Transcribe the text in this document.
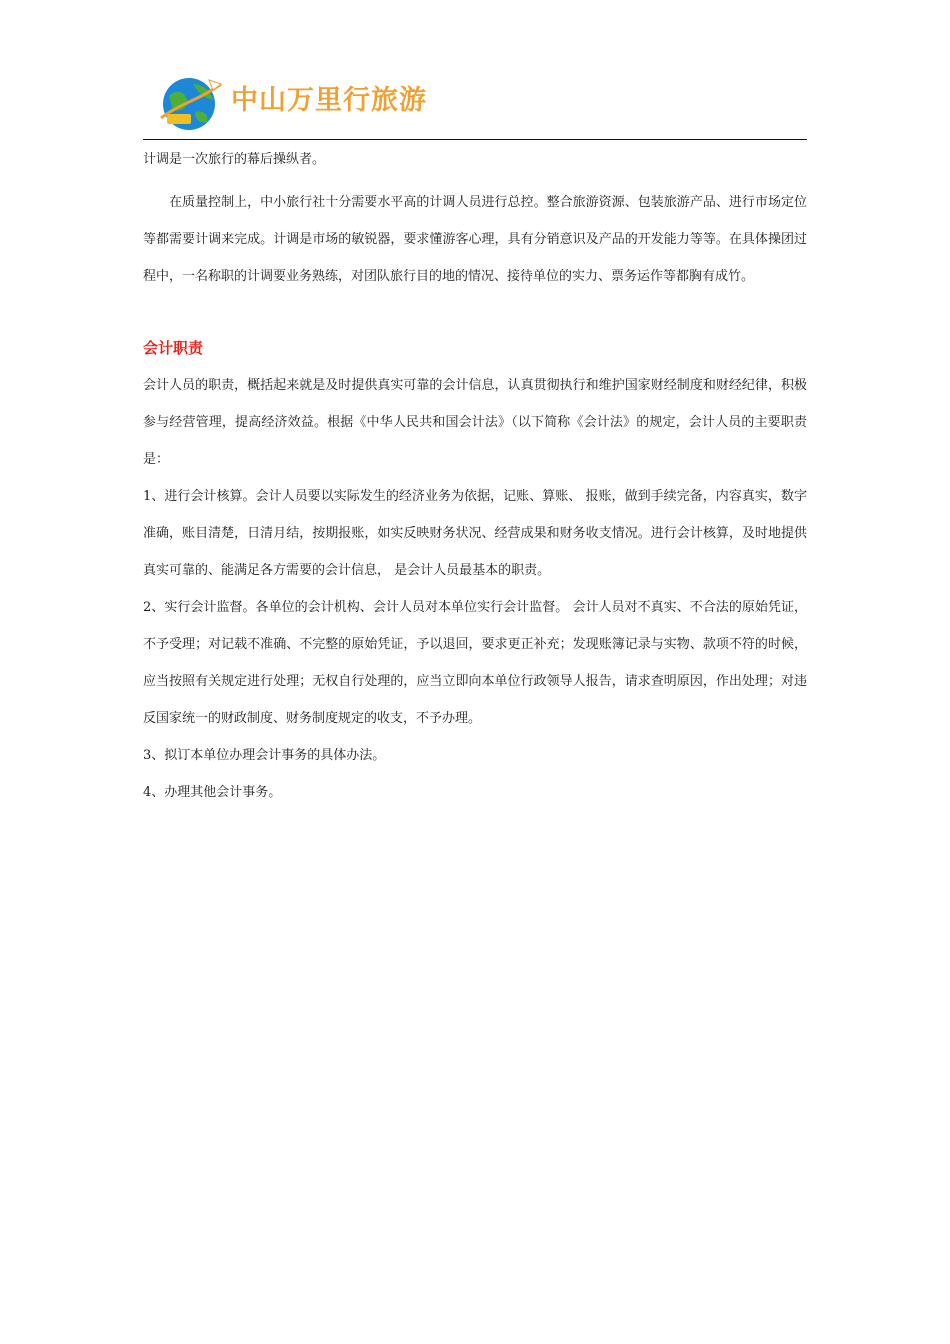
中山万里行旅游

计调是一次旅行的幕后操纵者。

在质量控制上，中小旅行社十分需要水平高的计调人员进行总控。整合旅游资源、包装旅游产品、进行市场定位等都需要计调来完成。计调是市场的敏锐器，要求懂游客心理，具有分销意识及产品的开发能力等等。在具体操团过程中，一名称职的计调要业务熟练，对团队旅行目的地的情况、接待单位的实力、票务运作等都胸有成竹。

会计职责

会计人员的职责，概括起来就是及时提供真实可靠的会计信息，认真贯彻执行和维护国家财经制度和财经纪律，积极参与经营管理，提高经济效益。根据《中华人民共和国会计法》（以下简称《会计法》的规定，会计人员的主要职责是：

1、进行会计核算。会计人员要以实际发生的经济业务为依据，记账、算账、 报账，做到手续完备，内容真实，数字准确，账目清楚，日清月结，按期报账，如实反映财务状况、经营成果和财务收支情况。进行会计核算，及时地提供真实可靠的、能满足各方需要的会计信息， 是会计人员最基本的职责。

2、实行会计监督。各单位的会计机构、会计人员对本单位实行会计监督。 会计人员对不真实、不合法的原始凭证，不予受理；对记载不准确、不完整的原始凭证，予以退回，要求更正补充；发现账簿记录与实物、款项不符的时候，应当按照有关规定进行处理；无权自行处理的，应当立即向本单位行政领导人报告，请求查明原因，作出处理；对违反国家统一的财政制度、财务制度规定的收支，不予办理。

3、拟订本单位办理会计事务的具体办法。

4、办理其他会计事务。
